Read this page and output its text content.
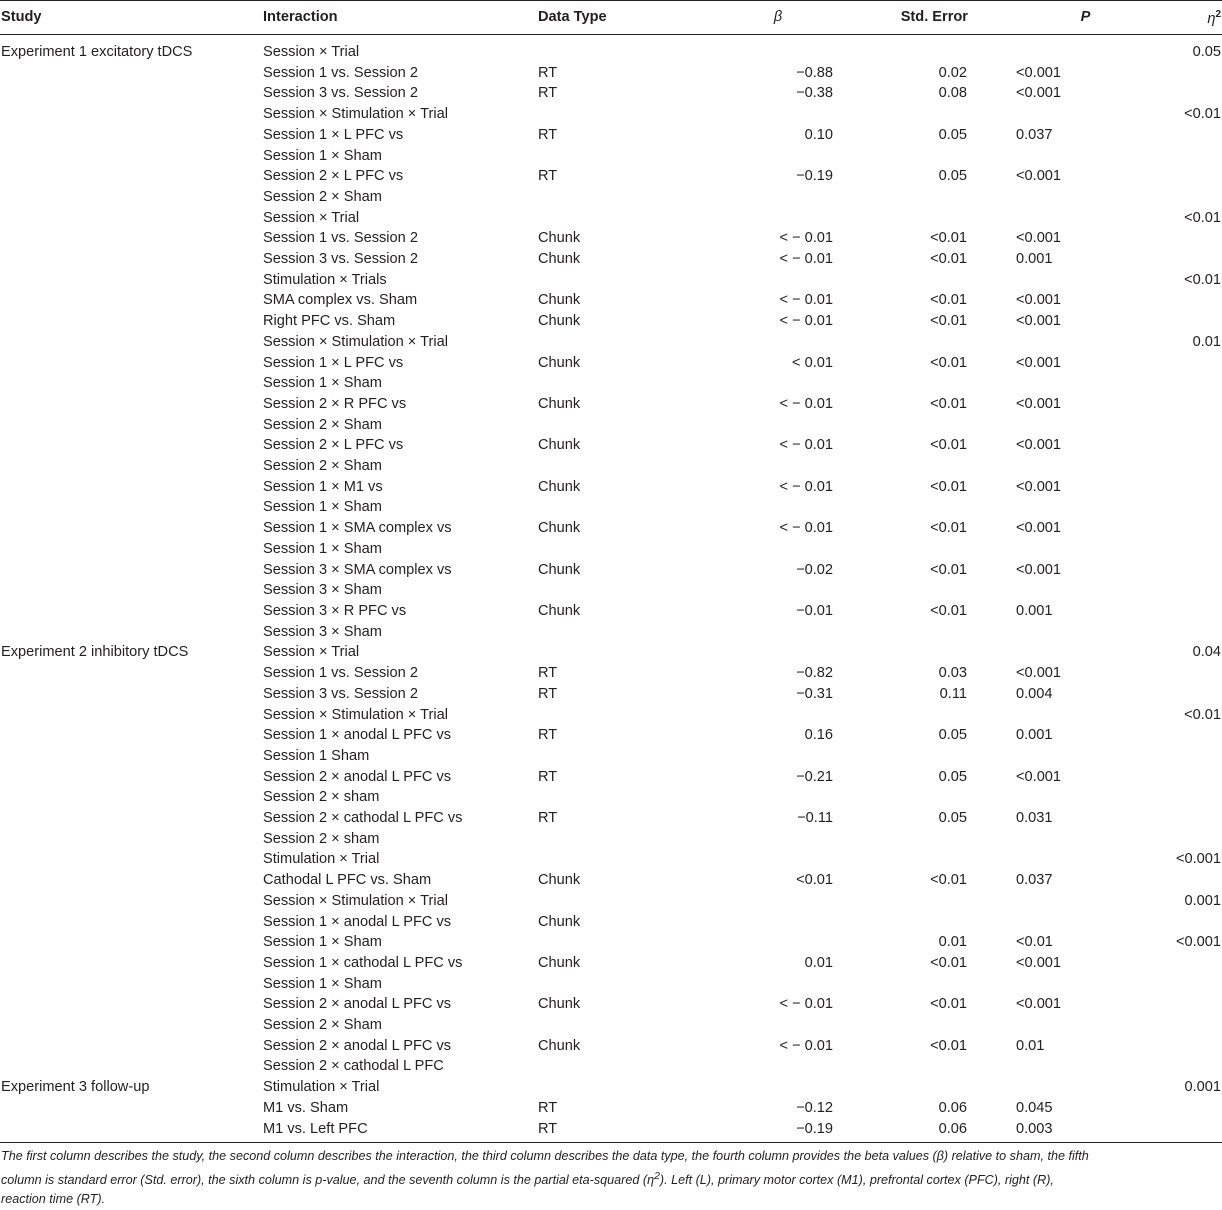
Study	Interaction	Data Type	β	Std. Error	P	$\eta^2$
Experiment 1 excitatory tDCS	Session × Trial					0.05
	Session 1 vs. Session 2	RT	−0.88	0.02	<0.001	
	Session 3 vs. Session 2	RT	−0.38	0.08	<0.001	
	Session × Stimulation × Trial					<0.01
	Session 1 × L PFC vs	RT	0.10	0.05	0.037	
	Session 1 × Sham					
	Session 2 × L PFC vs	RT	−0.19	0.05	<0.001	
	Session 2 × Sham					
	Session × Trial					<0.01
	Session 1 vs. Session 2	Chunk	< − 0.01	<0.01	<0.001	
	Session 3 vs. Session 2	Chunk	< − 0.01	<0.01	0.001	
	Stimulation × Trials					<0.01
	SMA complex vs. Sham	Chunk	< − 0.01	<0.01	<0.001	
	Right PFC vs. Sham	Chunk	< − 0.01	<0.01	<0.001	
	Session × Stimulation × Trial					0.01
	Session 1 × L PFC vs	Chunk	< 0.01	<0.01	<0.001	
	Session 1 × Sham					
	Session 2 × R PFC vs	Chunk	< − 0.01	<0.01	<0.001	
	Session 2 × Sham					
	Session 2 × L PFC vs	Chunk	< − 0.01	<0.01	<0.001	
	Session 2 × Sham					
	Session 1 × M1 vs	Chunk	< − 0.01	<0.01	<0.001	
	Session 1 × Sham					
	Session 1 × SMA complex vs	Chunk	< − 0.01	<0.01	<0.001	
	Session 1 × Sham					
	Session 3 × SMA complex vs	Chunk	−0.02	<0.01	<0.001	
	Session 3 × Sham					
	Session 3 × R PFC vs	Chunk	−0.01	<0.01	0.001	
	Session 3 × Sham					
Experiment 2 inhibitory tDCS	Session × Trial					0.04
	Session 1 vs. Session 2	RT	−0.82	0.03	<0.001	
	Session 3 vs. Session 2	RT	−0.31	0.11	0.004	
	Session × Stimulation × Trial					<0.01
	Session 1 × anodal L PFC vs	RT	0.16	0.05	0.001	
	Session 1 Sham					
	Session 2 × anodal L PFC vs	RT	−0.21	0.05	<0.001	
	Session 2 × sham					
	Session 2 × cathodal L PFC vs	RT	−0.11	0.05	0.031	
	Session 2 × sham					
	Stimulation × Trial					<0.001
	Cathodal L PFC vs. Sham	Chunk	<0.01	<0.01	0.037	
	Session × Stimulation × Trial					0.001
	Session 1 × anodal L PFC vs	Chunk				
	Session 1 × Sham			0.01	<0.01	<0.001
	Session 1 × cathodal L PFC vs	Chunk	0.01	<0.01	<0.001	
	Session 1 × Sham					
	Session 2 × anodal L PFC vs	Chunk	< − 0.01	<0.01	<0.001	
	Session 2 × Sham					
	Session 2 × anodal L PFC vs	Chunk	< − 0.01	<0.01	0.01	
	Session 2 × cathodal L PFC					
Experiment 3 follow-up	Stimulation × Trial					0.001
	M1 vs. Sham	RT	−0.12	0.06	0.045	
	M1 vs. Left PFC	RT	−0.19	0.06	0.003	
The first column describes the study, the second column describes the interaction, the third column describes the data type, the fourth column provides the beta values (β) relative to sham, the fifth column is standard error (Std. error), the sixth column is p-value, and the seventh column is the partial eta-squared $(\eta^2)$. Left (L), primary motor cortex (M1), prefrontal cortex (PFC), right (R), reaction time (RT).
